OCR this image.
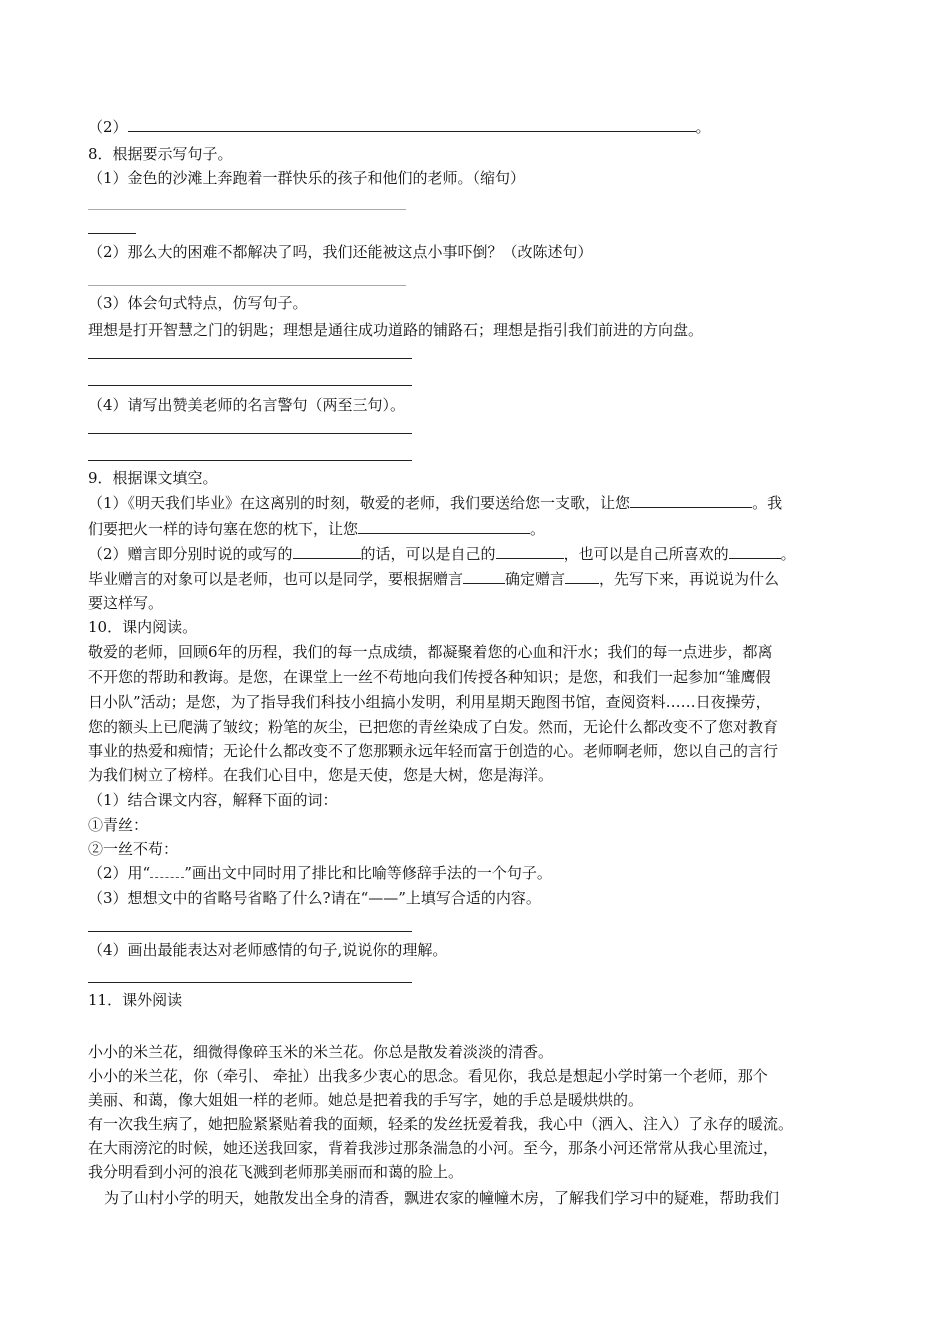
（2）	。
8．根据要示写句子。
（1）金色的沙滩上奔跑着一群快乐的孩子和他们的老师。（缩句）
（2）那么大的困难不都解决了吗，我们还能被这点小事吓倒？（改陈述句）
（3）体会句式特点，仿写句子。
理想是打开智慧之门的钥匙；理想是通往成功道路的铺路石；理想是指引我们前进的方向盘。
（4）请写出赞美老师的名言警句（两至三句）。
9．根据课文填空。
（1）《明天我们毕业》在这离别的时刻，敬爱的老师，我们要送给您一支歌，让您	。我
们要把火一样的诗句塞在您的枕下，让您	。
（2）赠言即分别时说的或写的	的话，可以是自己的	，也可以是自己所喜欢的	。
毕业赠言的对象可以是老师，也可以是同学，要根据赠言	确定赠言 ，先写下来，再说说为什么
要这样写。
10．课内阅读。
敬爱的老师，回顾6年的历程，我们的每一点成绩，都凝聚着您的心血和汗水；我们的每一点进步，都离
不开您的帮助和教诲。是您，在课堂上一丝不苟地向我们传授各种知识；是您，和我们一起参加“雏鹰假
日小队”活动；是您，为了指导我们科技小组搞小发明，利用星期天跑图书馆，查阅资料……日夜操劳，
您的额头上已爬满了皱纹；粉笔的灰尘，已把您的青丝染成了白发。然而，无论什么都改变不了您对教育
事业的热爱和痴情；无论什么都改变不了您那颗永远年轻而富于创造的心。老师啊老师，您以自己的言行
为我们树立了榜样。在我们心目中，您是天使，您是大树，您是海洋。
（1）结合课文内容，解释下面的词：
①青丝：
②一丝不苟：
（2）用“ ”画出文中同时用了排比和比喻等修辞手法的一个句子。
（3）想想文中的省略号省略了什么?请在“——”上填写合适的内容。
（4）画出最能表达对老师感情的句子,说说你的理解。
11．课外阅读
小小的米兰花，细微得像碎玉米的米兰花。你总是散发着淡淡的清香。
小小的米兰花，你（牵引、 牵扯）出我多少衷心的思念。看见你，我总是想起小学时第一个老师，那个
美丽、和蔼，像大姐姐一样的老师。她总是把着我的手写字，她的手总是暖烘烘的。
有一次我生病了，她把脸紧紧贴着我的面颊，轻柔的发丝抚爱着我，我心中（洒入、注入）了永存的暖流。
在大雨滂沱的时候，她还送我回家，背着我涉过那条湍急的小河。至今，那条小河还常常从我心里流过，
我分明看到小河的浪花飞溅到老师那美丽而和蔼的脸上。
为了山村小学的明天，她散发出全身的清香，飘进农家的幢幢木房，了解我们学习中的疑难，帮助我们
